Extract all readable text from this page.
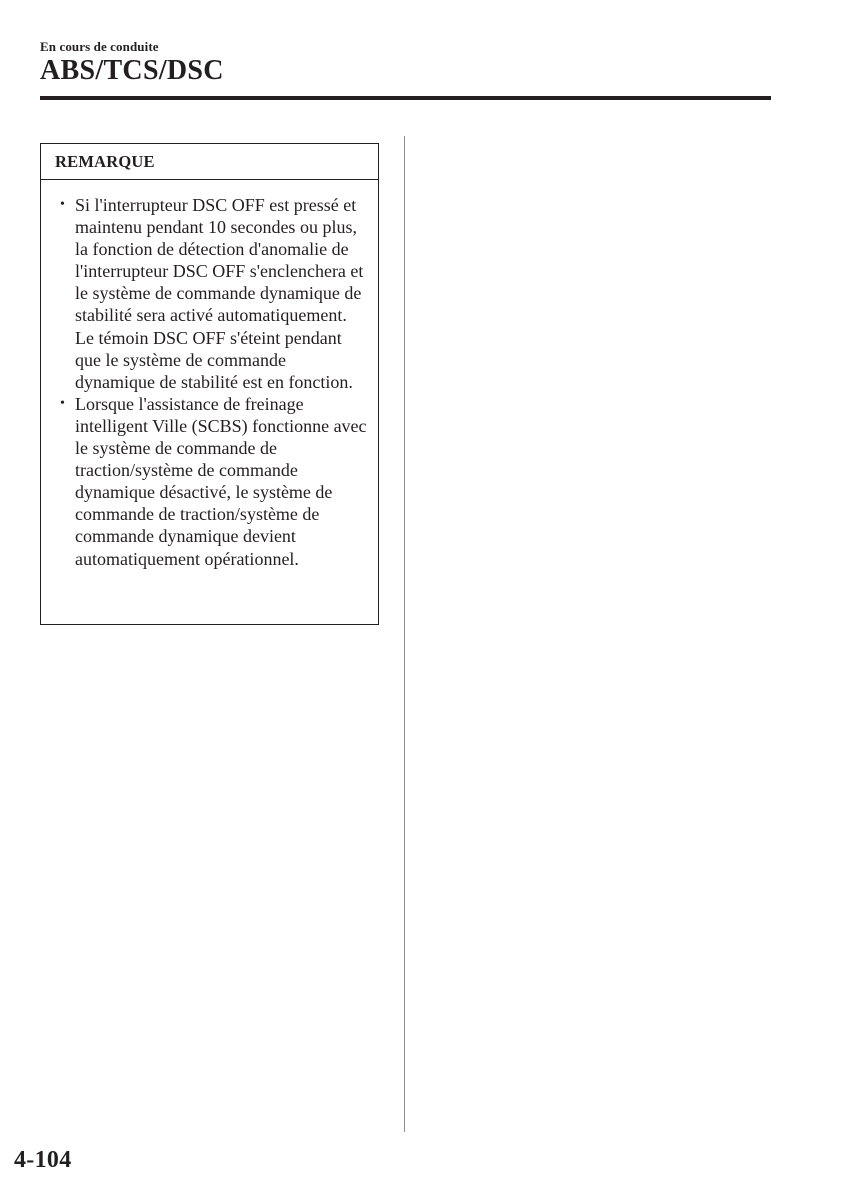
En cours de conduite
ABS/TCS/DSC
REMARQUE
• Si l'interrupteur DSC OFF est pressé et maintenu pendant 10 secondes ou plus, la fonction de détection d'anomalie de l'interrupteur DSC OFF s'enclenchera et le système de commande dynamique de stabilité sera activé automatiquement. Le témoin DSC OFF s'éteint pendant que le système de commande dynamique de stabilité est en fonction.
• Lorsque l'assistance de freinage intelligent Ville (SCBS) fonctionne avec le système de commande de traction/système de commande dynamique désactivé, le système de commande de traction/système de commande dynamique devient automatiquement opérationnel.
4-104
